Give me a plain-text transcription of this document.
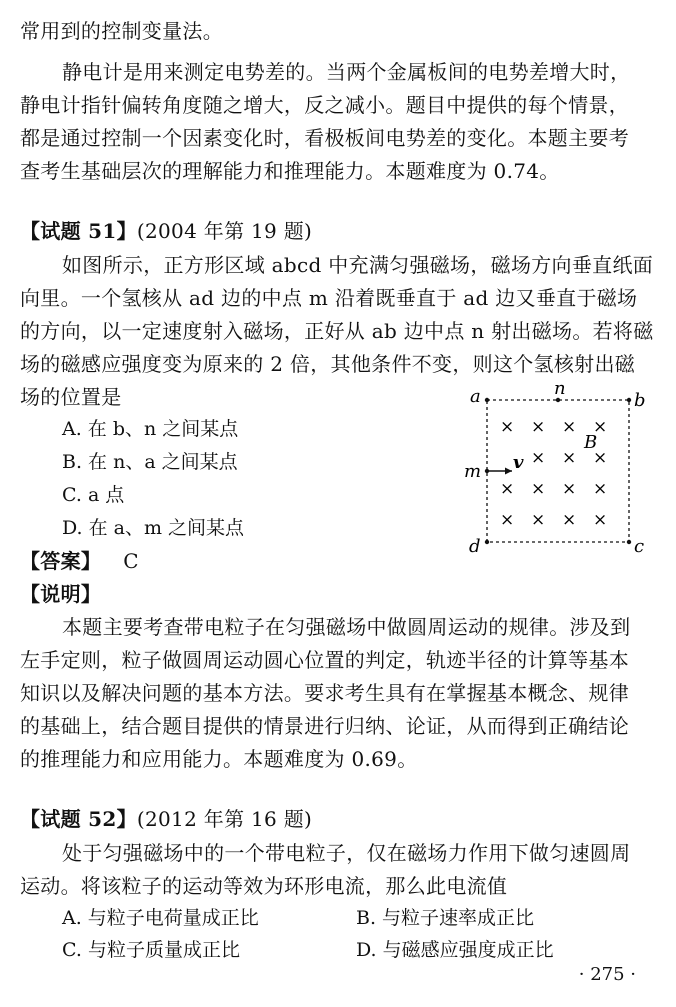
常用到的控制变量法。
静电计是用来测定电势差的。当两个金属板间的电势差增大时，
静电计指针偏转角度随之增大，反之减小。题目中提供的每个情景，
都是通过控制一个因素变化时，看极板间电势差的变化。本题主要考
查考生基础层次的理解能力和推理能力。本题难度为 0.74。
【试题 51】(2004 年第 19 题)
如图所示，正方形区域 abcd 中充满匀强磁场，磁场方向垂直纸面
向里。一个氢核从 ad 边的中点 m 沿着既垂直于 ad 边又垂直于磁场
的方向，以一定速度射入磁场，正好从 ab 边中点 n 射出磁场。若将磁
场的磁感应强度变为原来的 2 倍，其他条件不变，则这个氢核射出磁
场的位置是
A. 在 b、n 之间某点
B. 在 n、a 之间某点
C. a 点
D. 在 a、m 之间某点
【答案】 C
【说明】
本题主要考查带电粒子在匀强磁场中做圆周运动的规律。涉及到
左手定则，粒子做圆周运动圆心位置的判定，轨迹半径的计算等基本
知识以及解决问题的基本方法。要求考生具有在掌握基本概念、规律
的基础上，结合题目提供的情景进行归纳、论证，从而得到正确结论
的推理能力和应用能力。本题难度为 0.69。
a	b
c
d
n
m v
B
× × × ×
× × ×
× × × ×
× × × ×
【试题 52】(2012 年第 16 题)
处于匀强磁场中的一个带电粒子，仅在磁场力作用下做匀速圆周
运动。将该粒子的运动等效为环形电流，那么此电流值
A. 与粒子电荷量成正比	B. 与粒子速率成正比
C. 与粒子质量成正比	D. 与磁感应强度成正比
· 275 ·
